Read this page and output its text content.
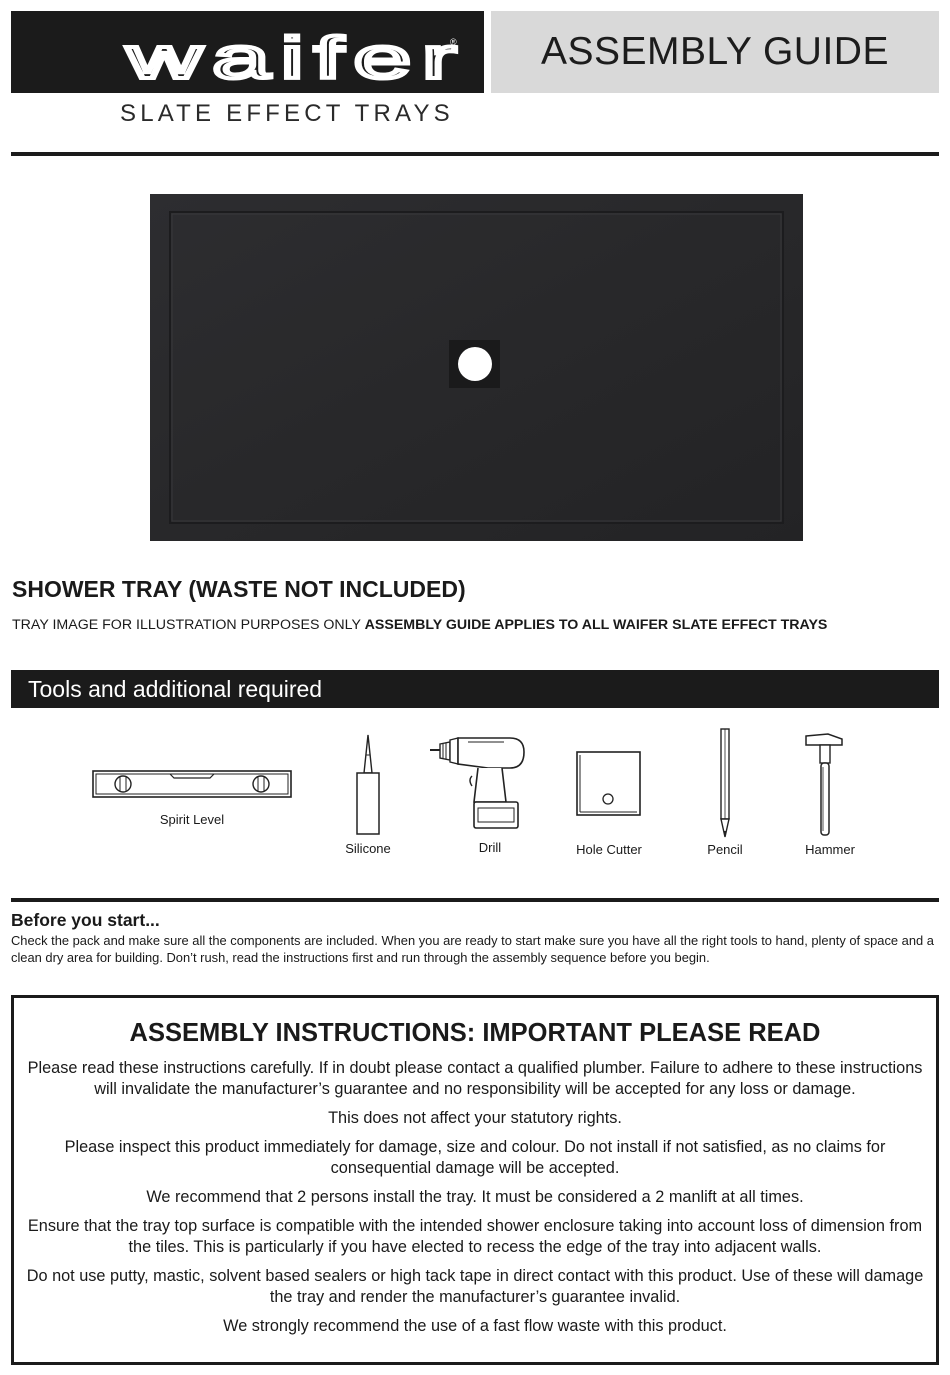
waifer
® ASSEMBLY GUIDE
SLATE EFFECT TRAYS
SHOWER TRAY (WASTE NOT INCLUDED)
TRAY IMAGE FOR ILLUSTRATION PURPOSES ONLY ASSEMBLY GUIDE APPLIES TO ALL WAIFER SLATE EFFECT TRAYS
Tools and additional required
Spirit Level
Silicone	Drill	Hole Cutter	Pencil	Hammer
Before you start...
Check the pack and make sure all the components are included. When you are ready to start make sure you have all the right tools to hand, plenty of space and a clean dry area for building. Don’t rush, read the instructions first and run through the assembly sequence before you begin.
ASSEMBLY INSTRUCTIONS: IMPORTANT PLEASE READ

Please read these instructions carefully. If in doubt please contact a qualified plumber. Failure to adhere to these instructions will invalidate the manufacturer’s guarantee and no responsibility will be accepted for any loss or damage.

This does not affect your statutory rights.

Please inspect this product immediately for damage, size and colour. Do not install if not satisfied, as no claims for consequential damage will be accepted.

We recommend that 2 persons install the tray. It must be considered a 2 manlift at all times.

Ensure that the tray top surface is compatible with the intended shower enclosure taking into account loss of dimension from the tiles. This is particularly if you have elected to recess the edge of the tray into adjacent walls.

Do not use putty, mastic, solvent based sealers or high tack tape in direct contact with this product. Use of these will damage the tray and render the manufacturer’s guarantee invalid.

We strongly recommend the use of a fast flow waste with this product.
